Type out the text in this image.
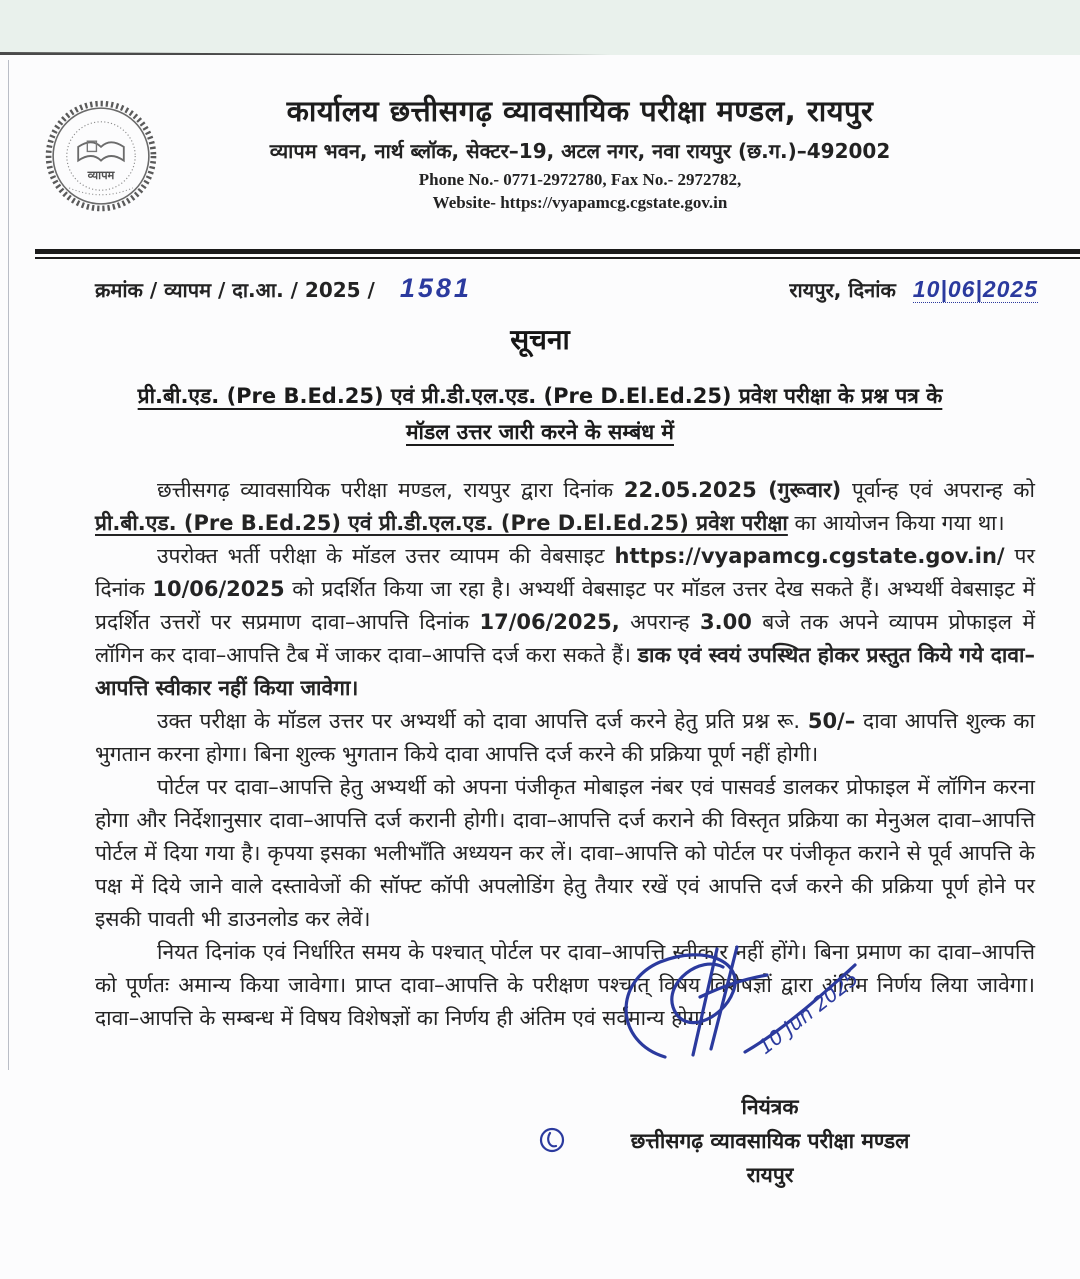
व्यापम
कार्यालय छत्तीसगढ़ व्यावसायिक परीक्षा मण्डल, रायपुर
व्यापम भवन, नार्थ ब्लॉक, सेक्टर–19, अटल नगर, नवा रायपुर (छ.ग.)–492002
Phone No.- 0771-2972780, Fax No.- 2972782,
Website- https://vyapamcg.cgstate.gov.in
क्रमांक / व्यापम / दा.आ. / 2025 / 1581	रायपुर, दिनांक 10|06|2025
सूचना
प्री.बी.एड. (Pre B.Ed.25) एवं प्री.डी.एल.एड. (Pre D.El.Ed.25) प्रवेश परीक्षा के प्रश्न पत्र के
मॉडल उत्तर जारी करने के सम्बंध में

छत्तीसगढ़ व्यावसायिक परीक्षा मण्डल, रायपुर द्वारा दिनांक 22.05.2025 (गुरूवार) पूर्वान्ह एवं अपरान्ह को प्री.बी.एड. (Pre B.Ed.25) एवं प्री.डी.एल.एड. (Pre D.El.Ed.25) प्रवेश परीक्षा का आयोजन किया गया था।

उपरोक्त भर्ती परीक्षा के मॉडल उत्तर व्यापम की वेबसाइट https://vyapamcg.cgstate.gov.in/ पर दिनांक 10/06/2025 को प्रदर्शित किया जा रहा है। अभ्यर्थी वेबसाइट पर मॉडल उत्तर देख सकते हैं। अभ्यर्थी वेबसाइट में प्रदर्शित उत्तरों पर सप्रमाण दावा–आपत्ति दिनांक 17/06/2025, अपरान्ह 3.00 बजे तक अपने व्यापम प्रोफाइल में लॉगिन कर दावा–आपत्ति टैब में जाकर दावा–आपत्ति दर्ज करा सकते हैं। डाक एवं स्वयं उपस्थित होकर प्रस्तुत किये गये दावा–आपत्ति स्वीकार नहीं किया जावेगा।

उक्त परीक्षा के मॉडल उत्तर पर अभ्यर्थी को दावा आपत्ति दर्ज करने हेतु प्रति प्रश्न रू. 50/– दावा आपत्ति शुल्क का भुगतान करना होगा। बिना शुल्क भुगतान किये दावा आपत्ति दर्ज करने की प्रक्रिया पूर्ण नहीं होगी।

पोर्टल पर दावा–आपत्ति हेतु अभ्यर्थी को अपना पंजीकृत मोबाइल नंबर एवं पासवर्ड डालकर प्रोफाइल में लॉगिन करना होगा और निर्देशानुसार दावा–आपत्ति दर्ज करानी होगी। दावा–आपत्ति दर्ज कराने की विस्तृत प्रक्रिया का मेनुअल दावा–आपत्ति पोर्टल में दिया गया है। कृपया इसका भलीभाँति अध्ययन कर लें। दावा–आपत्ति को पोर्टल पर पंजीकृत कराने से पूर्व आपत्ति के पक्ष में दिये जाने वाले दस्तावेजों की सॉफ्ट कॉपी अपलोडिंग हेतु तैयार रखें एवं आपत्ति दर्ज करने की प्रक्रिया पूर्ण होने पर इसकी पावती भी डाउनलोड कर लेवें।

नियत दिनांक एवं निर्धारित समय के पश्चात् पोर्टल पर दावा–आपत्ति स्वीकार नहीं होंगे। बिना प्रमाण का दावा–आपत्ति को पूर्णतः अमान्य किया जावेगा। प्राप्त दावा–आपत्ति के परीक्षण पश्चात् विषय विशेषज्ञों द्वारा अंतिम निर्णय लिया जावेगा। दावा–आपत्ति के सम्बन्ध में विषय विशेषज्ञों का निर्णय ही अंतिम एवं सर्वमान्य होगा।	10 Jun 2025
नियंत्रक
छत्तीसगढ़ व्यावसायिक परीक्षा मण्डल
रायपुर
